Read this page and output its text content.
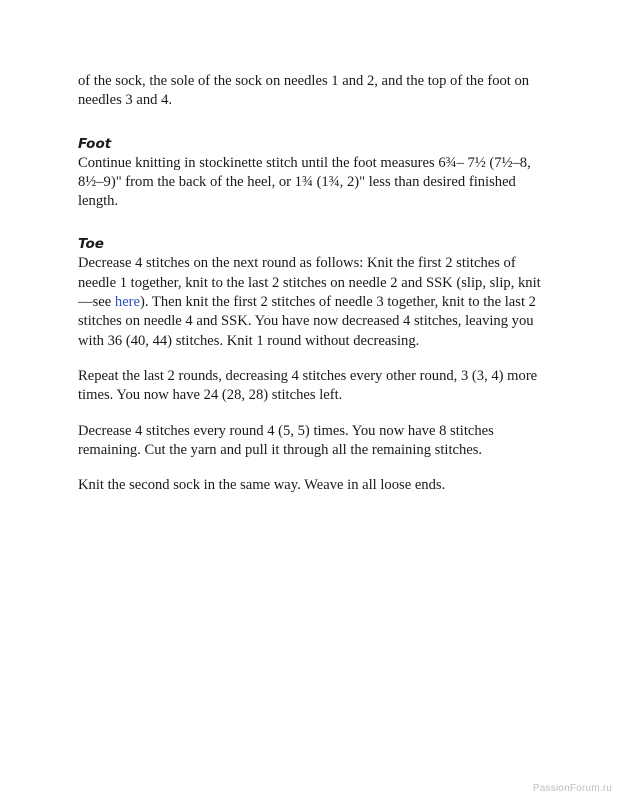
of the sock, the sole of the sock on needles 1 and 2, and the top of the foot on needles 3 and 4.

Foot

Continue knitting in stockinette stitch until the foot measures 6¾– 7½ (7½–8, 8½–9)" from the back of the heel, or 1¾ (1¾, 2)" less than desired finished length.

Toe

Decrease 4 stitches on the next round as follows: Knit the first 2 stitches of needle 1 together, knit to the last 2 stitches on needle 2 and SSK (slip, slip, knit—see here). Then knit the first 2 stitches of needle 3 together, knit to the last 2 stitches on needle 4 and SSK. You have now decreased 4 stitches, leaving you with 36 (40, 44) stitches. Knit 1 round without decreasing.

Repeat the last 2 rounds, decreasing 4 stitches every other round, 3 (3, 4) more times. You now have 24 (28, 28) stitches left.

Decrease 4 stitches every round 4 (5, 5) times. You now have 8 stitches remaining. Cut the yarn and pull it through all the remaining stitches.

Knit the second sock in the same way. Weave in all loose ends.

PassionForum.ru
